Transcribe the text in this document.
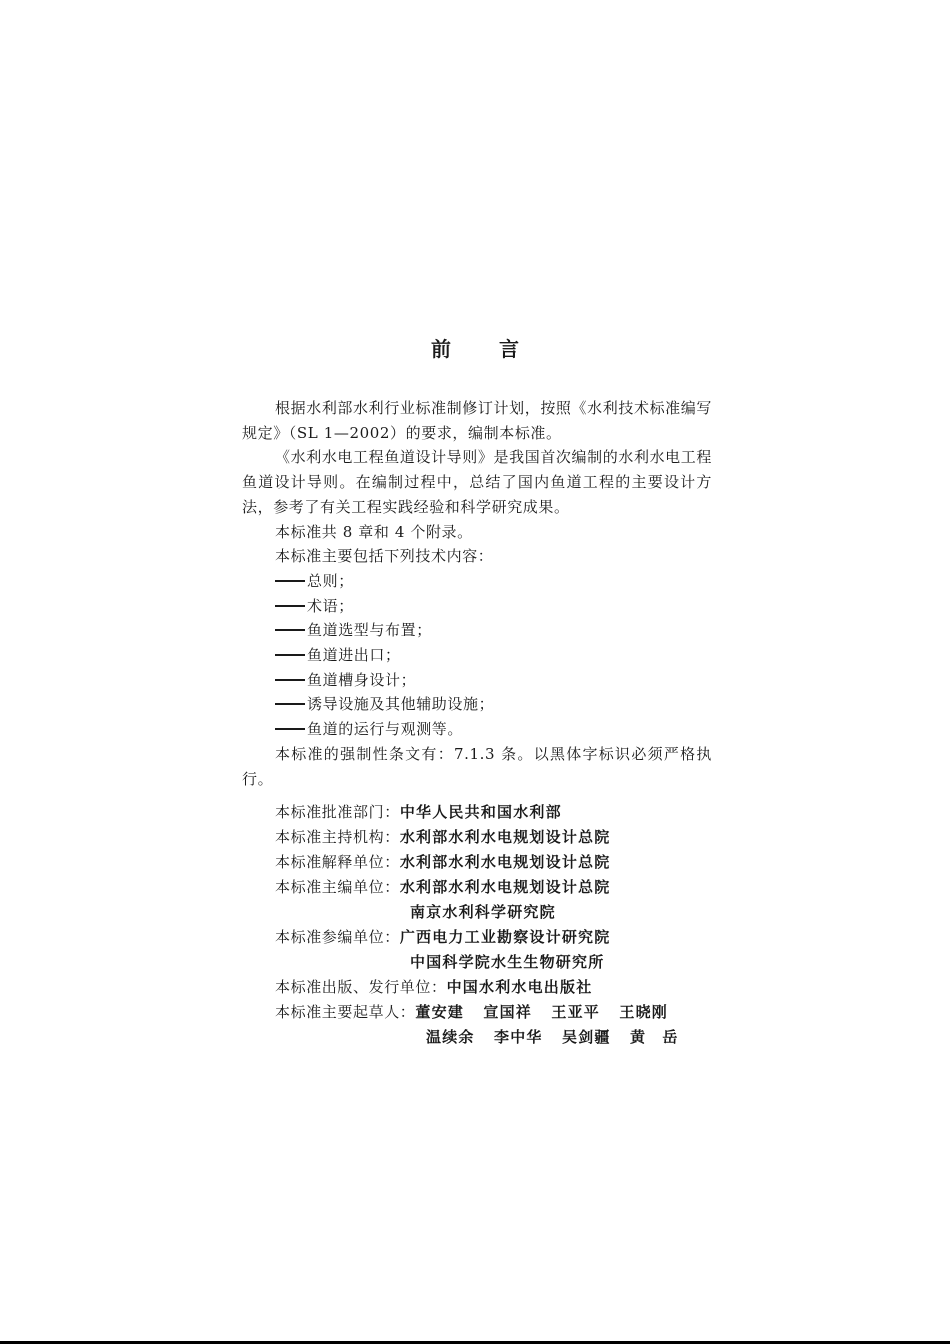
前言

根据水利部水利行业标准制修订计划，按照《水利技术标准编写规定》（SL 1—2002）的要求，编制本标准。

《水利水电工程鱼道设计导则》是我国首次编制的水利水电工程鱼道设计导则。在编制过程中，总结了国内鱼道工程的主要设计方法，参考了有关工程实践经验和科学研究成果。

本标准共 8 章和 4 个附录。

本标准主要包括下列技术内容：

总则；

术语；

鱼道选型与布置；

鱼道进出口；

鱼道槽身设计；

诱导设施及其他辅助设施；

鱼道的运行与观测等。

本标准的强制性条文有：7.1.3 条。以黑体字标识必须严格执行。

本标准批准部门： 中华人民共和国水利部
本标准主持机构： 水利部水利水电规划设计总院
本标准解释单位： 水利部水利水电规划设计总院
本标准主编单位： 水利部水利水电规划设计总院
南京水利科学研究院
本标准参编单位： 广西电力工业勘察设计研究院
中国科学院水生生物研究所
本标准出版、发行单位： 中国水利水电出版社
本标准主要起草人： 董安建	宣国祥	王亚平	王晓刚
温续余	李中华	吴剑疆	黄　岳
